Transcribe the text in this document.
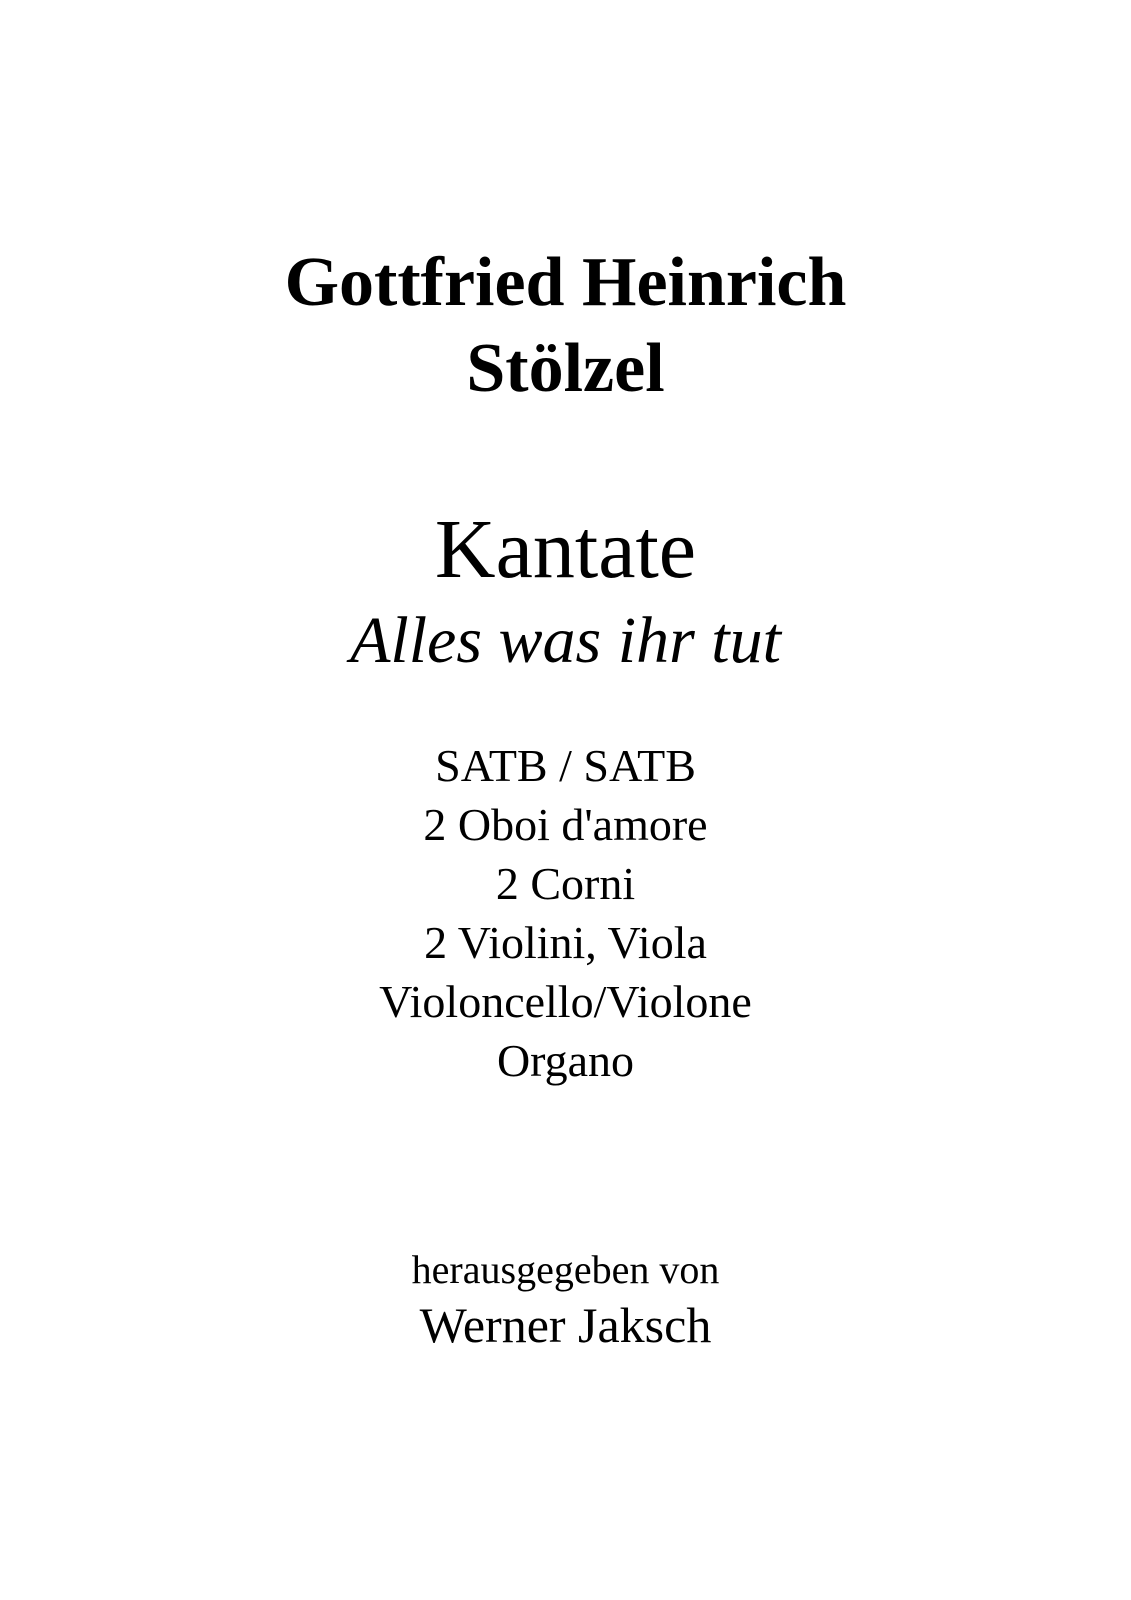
Gottfried Heinrich
Stölzel
Kantate
Alles was ihr tut
SATB / SATB
2 Oboi d'amore
2 Corni
2 Violini, Viola
Violoncello/Violone
Organo
herausgegeben von
Werner Jaksch
